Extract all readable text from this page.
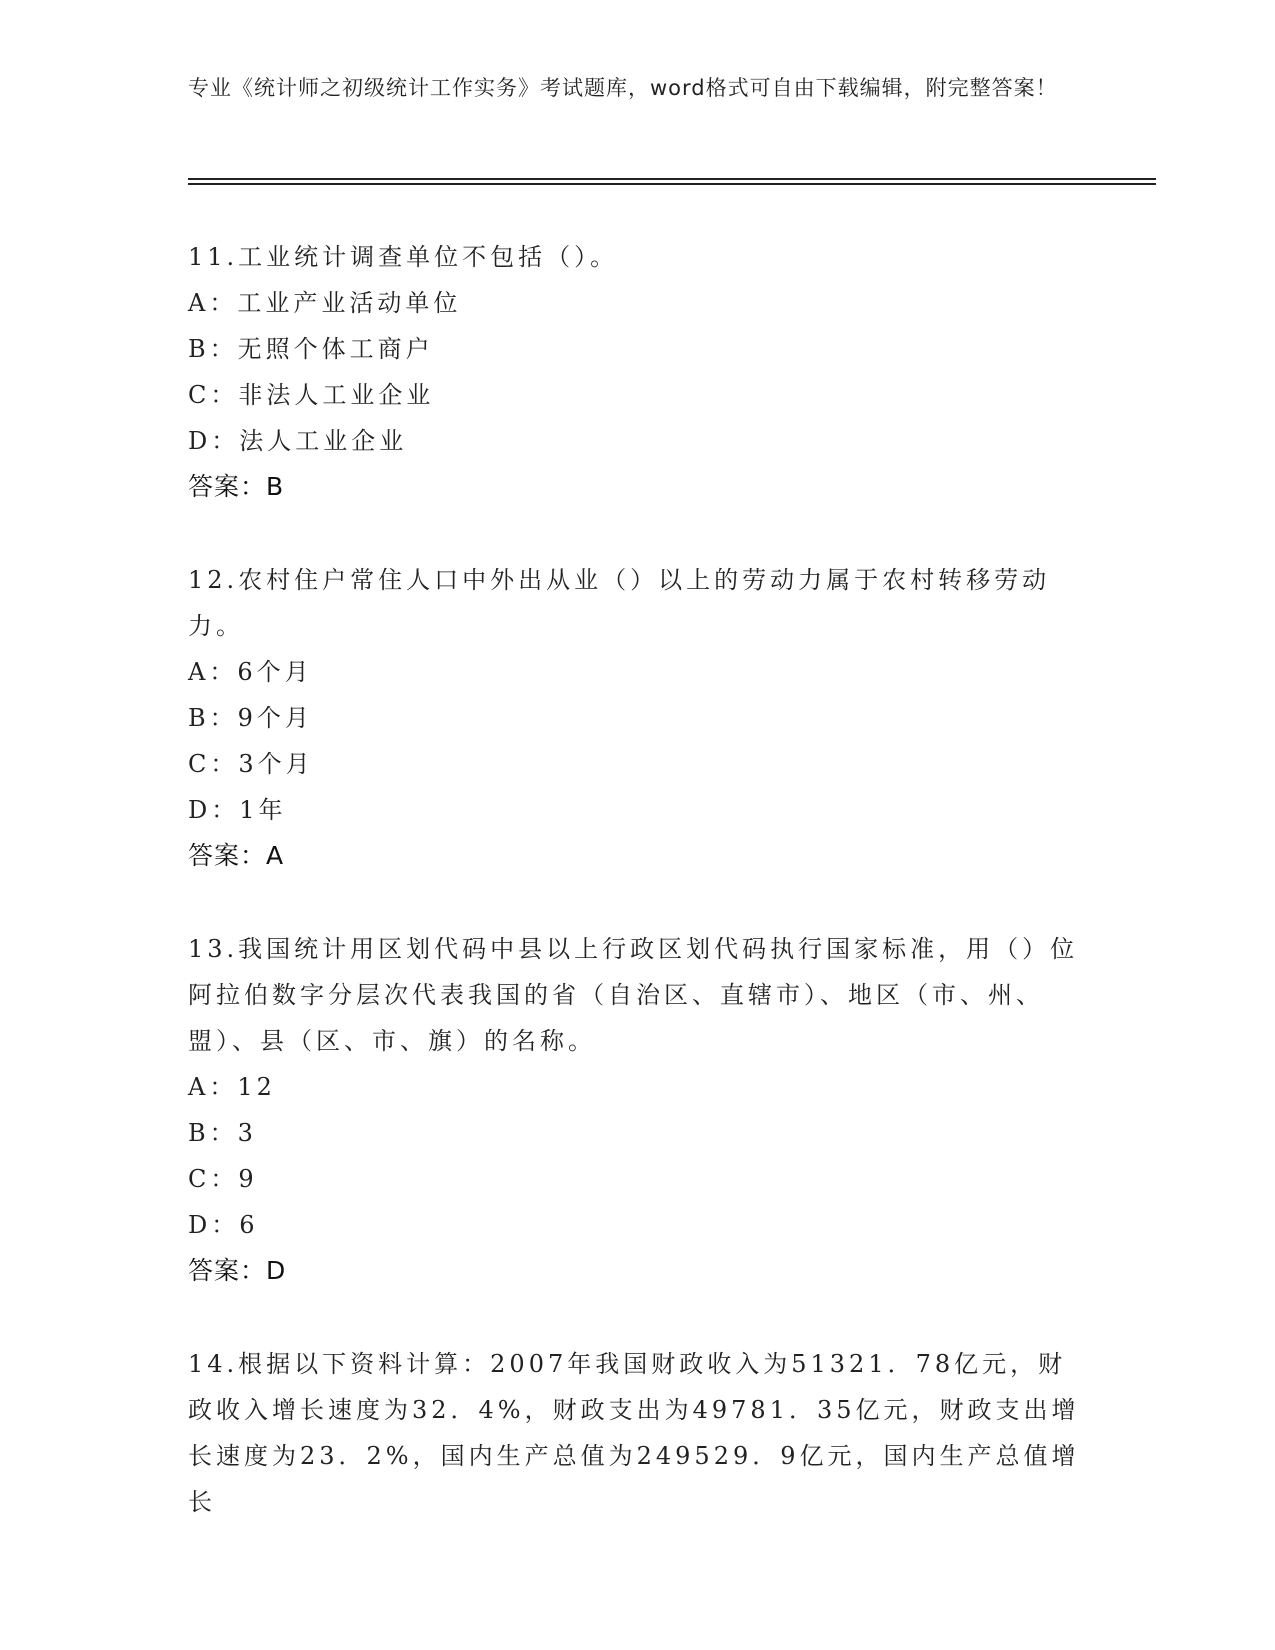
专业《统计师之初级统计工作实务》考试题库，word格式可自由下载编辑，附完整答案！
11.工业统计调查单位不包括（）。
A：工业产业活动单位
B：无照个体工商户
C：非法人工业企业
D：法人工业企业
答案：B
12.农村住户常住人口中外出从业（）以上的劳动力属于农村转移劳动力。
A：6个月
B：9个月
C：3个月
D：1年
答案：A
13.我国统计用区划代码中县以上行政区划代码执行国家标准，用（）位阿拉伯数字分层次代表我国的省（自治区、直辖市）、地区（市、州、盟）、县（区、市、旗）的名称。
A：12
B：3
C：9
D：6
答案：D
14.根据以下资料计算：2007年我国财政收入为51321．78亿元，财政收入增长速度为32．4%，财政支出为49781．35亿元，财政支出增长速度为23．2%，国内生产总值为249529．9亿元，国内生产总值增长
